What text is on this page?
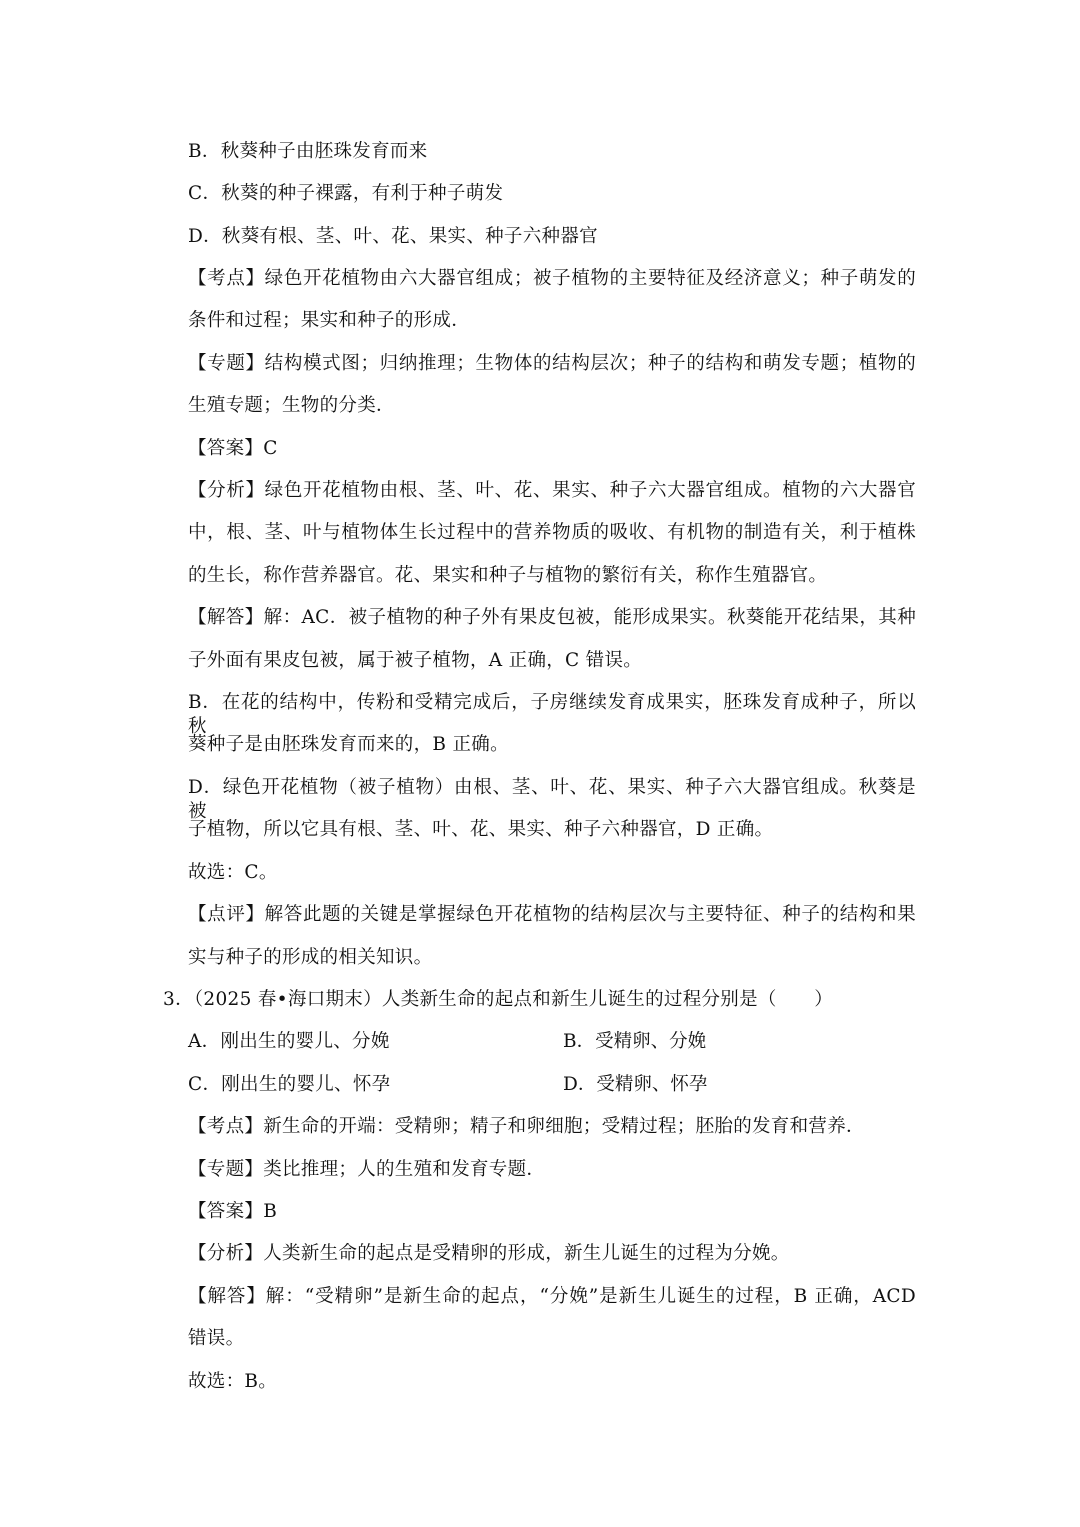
B．秋葵种子由胚珠发育而来
C．秋葵的种子裸露，有利于种子萌发
D．秋葵有根、茎、叶、花、果实、种子六种器官
【考点】绿色开花植物由六大器官组成；被子植物的主要特征及经济意义；种子萌发的
条件和过程；果实和种子的形成．
【专题】结构模式图；归纳推理；生物体的结构层次；种子的结构和萌发专题；植物的
生殖专题；生物的分类．
【答案】C
【分析】绿色开花植物由根、茎、叶、花、果实、种子六大器官组成。植物的六大器官
中，根、茎、叶与植物体生长过程中的营养物质的吸收、有机物的制造有关，利于植株
的生长，称作营养器官。花、果实和种子与植物的繁衍有关，称作生殖器官。
【解答】解：AC．被子植物的种子外有果皮包被，能形成果实。秋葵能开花结果，其种
子外面有果皮包被，属于被子植物，A 正确，C 错误。
B．在花的结构中，传粉和受精完成后，子房继续发育成果实，胚珠发育成种子，所以秋
葵种子是由胚珠发育而来的，B 正确。
D．绿色开花植物（被子植物）由根、茎、叶、花、果实、种子六大器官组成。秋葵是被
子植物，所以它具有根、茎、叶、花、果实、种子六种器官，D 正确。
故选：C。
【点评】解答此题的关键是掌握绿色开花植物的结构层次与主要特征、种子的结构和果
实与种子的形成的相关知识。
3．（2025 春•海口期末）人类新生命的起点和新生儿诞生的过程分别是（　　）
A．刚出生的婴儿、分娩	B．受精卵、分娩
C．刚出生的婴儿、怀孕	D．受精卵、怀孕
【考点】新生命的开端：受精卵；精子和卵细胞；受精过程；胚胎的发育和营养．
【专题】类比推理；人的生殖和发育专题．
【答案】B
【分析】人类新生命的起点是受精卵的形成，新生儿诞生的过程为分娩。
【解答】解：“受精卵”是新生命的起点，“分娩”是新生儿诞生的过程，B 正确，ACD
错误。
故选：B。
